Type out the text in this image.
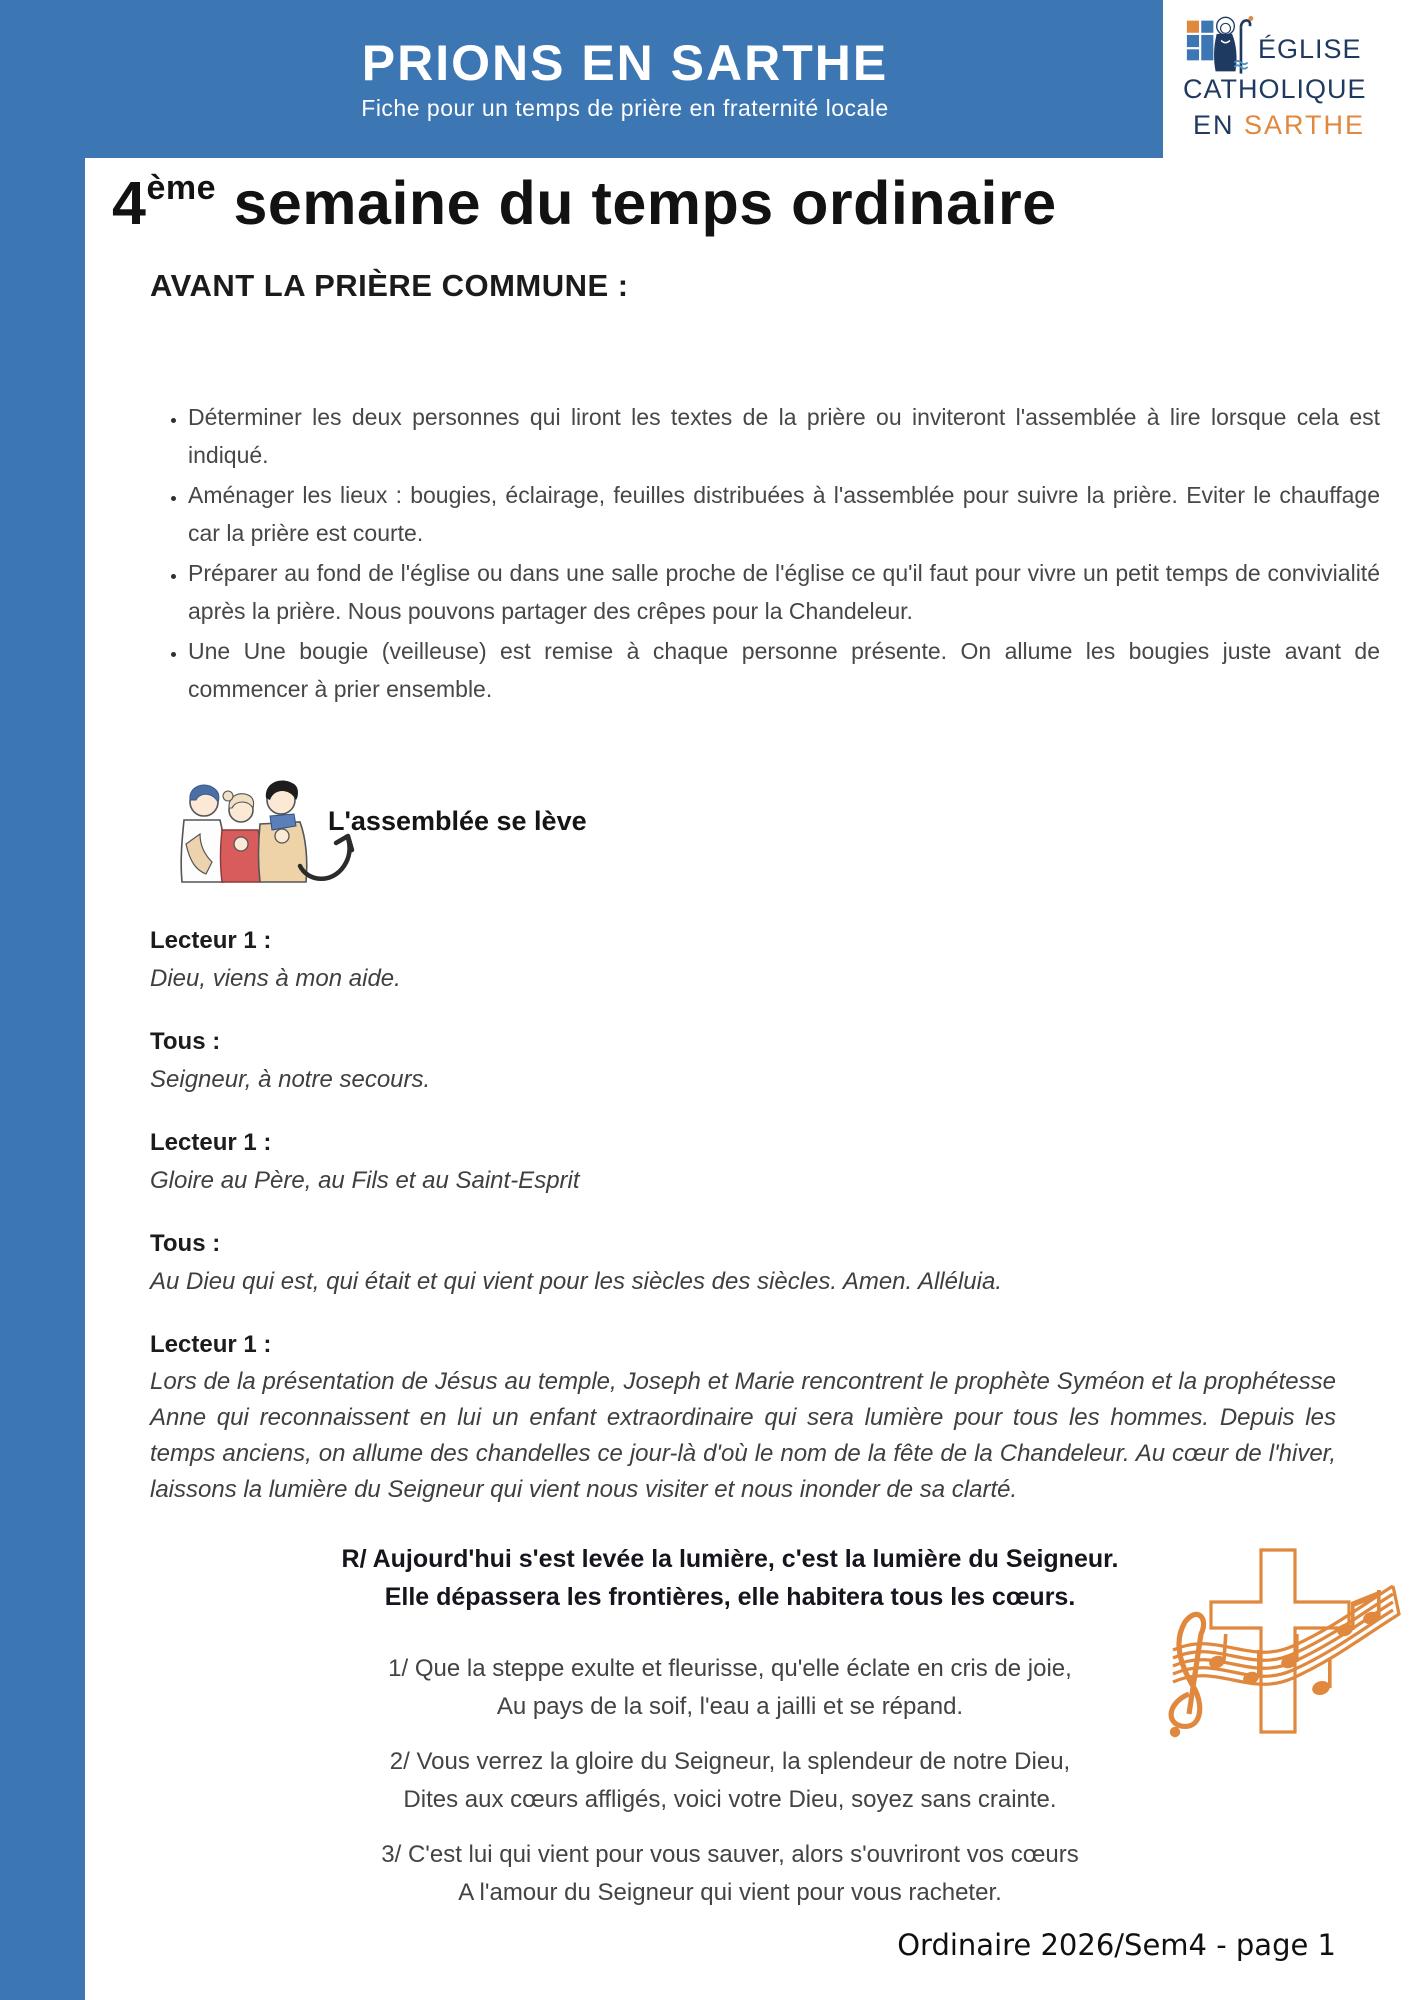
PRIONS EN SARTHE
Fiche pour un temps de prière en fraternité locale
ÉGLISE
CATHOLIQUE
EN SARTHE
4ème semaine du temps ordinaire
AVANT LA PRIÈRE COMMUNE :
• Déterminer les deux personnes qui liront les textes de la prière ou inviteront l'assemblée à lire lorsque cela est indiqué.
• Aménager les lieux : bougies, éclairage, feuilles distribuées à l'assemblée pour suivre la prière. Eviter le chauffage car la prière est courte.
• Préparer au fond de l'église ou dans une salle proche de l'église ce qu'il faut pour vivre un petit temps de convivialité après la prière. Nous pouvons partager des crêpes pour la Chandeleur.
• Une Une bougie (veilleuse) est remise à chaque personne présente. On allume les bougies juste avant de commencer à prier ensemble.
L'assemblée se lève
Lecteur 1 :
Dieu, viens à mon aide.
Tous :
Seigneur, à notre secours.
Lecteur 1 :
Gloire au Père, au Fils et au Saint-Esprit
Tous :
Au Dieu qui est, qui était et qui vient pour les siècles des siècles. Amen. Alléluia.
Lecteur 1 :
Lors de la présentation de Jésus au temple, Joseph et Marie rencontrent le prophète Syméon et la prophétesse Anne qui reconnaissent en lui un enfant extraordinaire qui sera lumière pour tous les hommes. Depuis les temps anciens, on allume des chandelles ce jour-là d'où le nom de la fête de la Chandeleur. Au cœur de l'hiver, laissons la lumière du Seigneur qui vient nous visiter et nous inonder de sa clarté.
R/ Aujourd'hui s'est levée la lumière, c'est la lumière du Seigneur.
Elle dépassera les frontières, elle habitera tous les cœurs.
1/ Que la steppe exulte et fleurisse, qu'elle éclate en cris de joie,
Au pays de la soif, l'eau a jailli et se répand.
2/ Vous verrez la gloire du Seigneur, la splendeur de notre Dieu,
Dites aux cœurs affligés, voici votre Dieu, soyez sans crainte.
3/ C'est lui qui vient pour vous sauver, alors s'ouvriront vos cœurs
A l'amour du Seigneur qui vient pour vous racheter.
Ordinaire 2026/Sem4 - page 1
